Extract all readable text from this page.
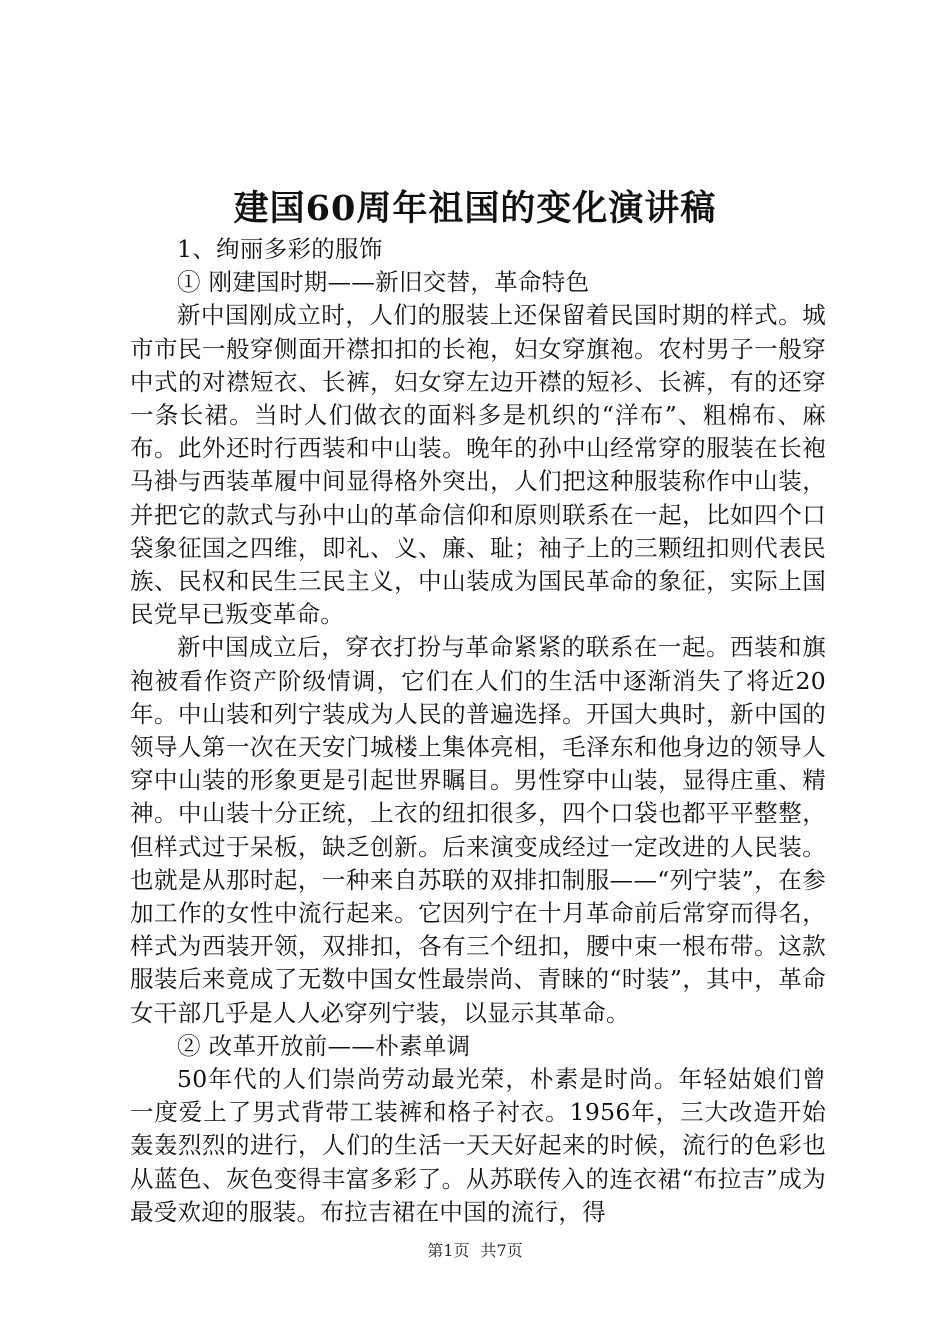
建国60周年祖国的变化演讲稿

1、绚丽多彩的服饰

① 刚建国时期——新旧交替，革命特色

新中国刚成立时，人们的服装上还保留着民国时期的样式。城市市民一般穿侧面开襟扣扣的长袍，妇女穿旗袍。农村男子一般穿中式的对襟短衣、长裤，妇女穿左边开襟的短衫、长裤，有的还穿一条长裙。当时人们做衣的面料多是机织的“洋布”、粗棉布、麻布。此外还时行西装和中山装。晚年的孙中山经常穿的服装在长袍马褂与西装革履中间显得格外突出，人们把这种服装称作中山装，并把它的款式与孙中山的革命信仰和原则联系在一起，比如四个口袋象征国之四维，即礼、义、廉、耻；袖子上的三颗纽扣则代表民族、民权和民生三民主义，中山装成为国民革命的象征，实际上国民党早已叛变革命。

新中国成立后，穿衣打扮与革命紧紧的联系在一起。西装和旗袍被看作资产阶级情调，它们在人们的生活中逐渐消失了将近20年。中山装和列宁装成为人民的普遍选择。开国大典时，新中国的领导人第一次在天安门城楼上集体亮相，毛泽东和他身边的领导人穿中山装的形象更是引起世界瞩目。男性穿中山装，显得庄重、精神。中山装十分正统，上衣的纽扣很多，四个口袋也都平平整整，但样式过于呆板，缺乏创新。后来演变成经过一定改进的人民装。也就是从那时起，一种来自苏联的双排扣制服——“列宁装”，在参加工作的女性中流行起来。它因列宁在十月革命前后常穿而得名，样式为西装开领，双排扣，各有三个纽扣，腰中束一根布带。这款服装后来竟成了无数中国女性最崇尚、青睐的“时装”，其中，革命女干部几乎是人人必穿列宁装，以显示其革命。

② 改革开放前——朴素单调

50年代的人们崇尚劳动最光荣，朴素是时尚。年轻姑娘们曾一度爱上了男式背带工装裤和格子衬衣。1956年，三大改造开始轰轰烈烈的进行，人们的生活一天天好起来的时候，流行的色彩也从蓝色、灰色变得丰富多彩了。从苏联传入的连衣裙“布拉吉”成为最受欢迎的服装。布拉吉裙在中国的流行，得

第1页 共7页
